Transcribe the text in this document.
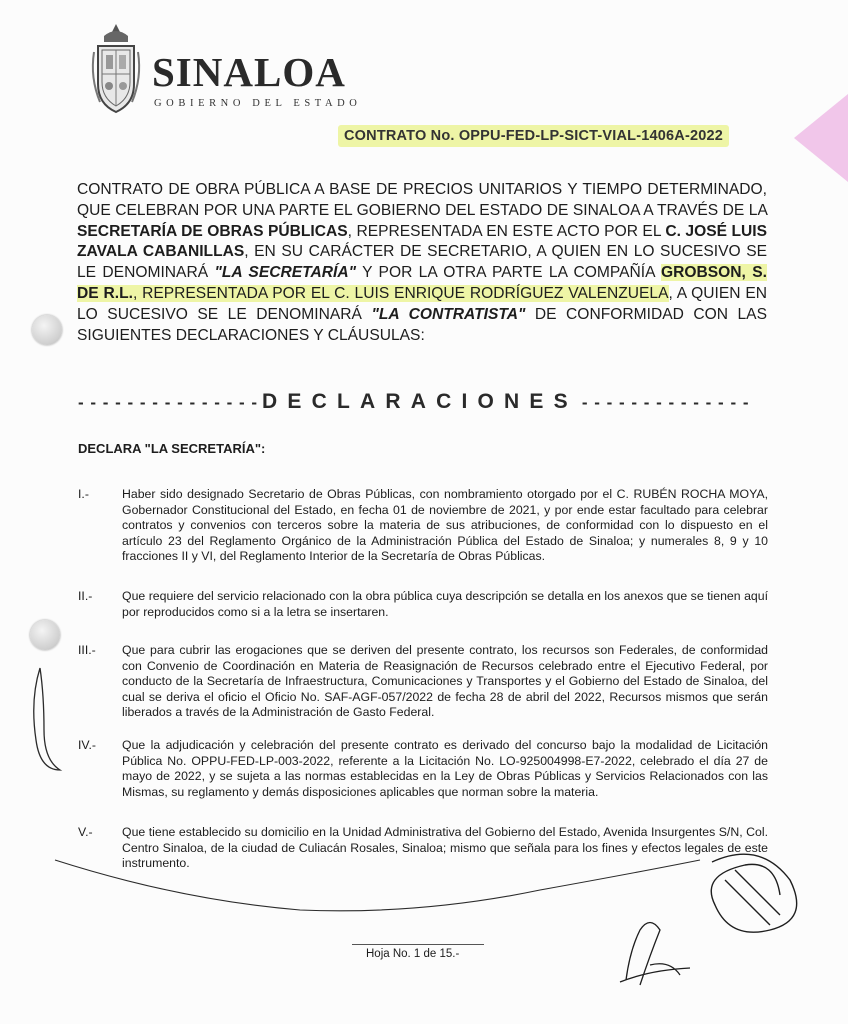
SINALOA
GOBIERNO DEL ESTADO
CONTRATO No. OPPU-FED-LP-SICT-VIAL-1406A-2022
CONTRATO DE OBRA PÚBLICA A BASE DE PRECIOS UNITARIOS Y TIEMPO DETERMINADO, QUE CELEBRAN POR UNA PARTE EL GOBIERNO DEL ESTADO DE SINALOA A TRAVÉS DE LA SECRETARÍA DE OBRAS PÚBLICAS, REPRESENTADA EN ESTE ACTO POR EL C. JOSÉ LUIS ZAVALA CABANILLAS, EN SU CARÁCTER DE SECRETARIO, A QUIEN EN LO SUCESIVO SE LE DENOMINARÁ "LA SECRETARÍA" Y POR LA OTRA PARTE LA COMPAÑÍA GROBSON, S. DE R.L., REPRESENTADA POR EL C. LUIS ENRIQUE RODRÍGUEZ VALENZUELA, A QUIEN EN LO SUCESIVO SE LE DENOMINARÁ "LA CONTRATISTA" DE CONFORMIDAD CON LAS SIGUIENTES DECLARACIONES Y CLÁUSULAS:
- - - - - - - - - - - - - - - DECLARACIONES - - - - - - - - - - - - - -
DECLARA "LA SECRETARÍA":
I.-	Haber sido designado Secretario de Obras Públicas, con nombramiento otorgado por el C. RUBÉN ROCHA MOYA, Gobernador Constitucional del Estado, en fecha 01 de noviembre de 2021, y por ende estar facultado para celebrar contratos y convenios con terceros sobre la materia de sus atribuciones, de conformidad con lo dispuesto en el artículo 23 del Reglamento Orgánico de la Administración Pública del Estado de Sinaloa; y numerales 8, 9 y 10 fracciones II y VI, del Reglamento Interior de la Secretaría de Obras Públicas.
II.-	Que requiere del servicio relacionado con la obra pública cuya descripción se detalla en los anexos que se tienen aquí por reproducidos como si a la letra se insertaren.
III.-	Que para cubrir las erogaciones que se deriven del presente contrato, los recursos son Federales, de conformidad con Convenio de Coordinación en Materia de Reasignación de Recursos celebrado entre el Ejecutivo Federal, por conducto de la Secretaría de Infraestructura, Comunicaciones y Transportes y el Gobierno del Estado de Sinaloa, del cual se deriva el oficio el Oficio No. SAF-AGF-057/2022 de fecha 28 de abril del 2022, Recursos mismos que serán liberados a través de la Administración de Gasto Federal.
IV.-	Que la adjudicación y celebración del presente contrato es derivado del concurso bajo la modalidad de Licitación Pública No. OPPU-FED-LP-003-2022, referente a la Licitación No. LO-925004998-E7-2022, celebrado el día 27 de mayo de 2022, y se sujeta a las normas establecidas en la Ley de Obras Públicas y Servicios Relacionados con las Mismas, su reglamento y demás disposiciones aplicables que norman sobre la materia.
V.-	Que tiene establecido su domicilio en la Unidad Administrativa del Gobierno del Estado, Avenida Insurgentes S/N, Col. Centro Sinaloa, de la ciudad de Culiacán Rosales, Sinaloa; mismo que señala para los fines y efectos legales de este instrumento.
Hoja No. 1 de 15.-
